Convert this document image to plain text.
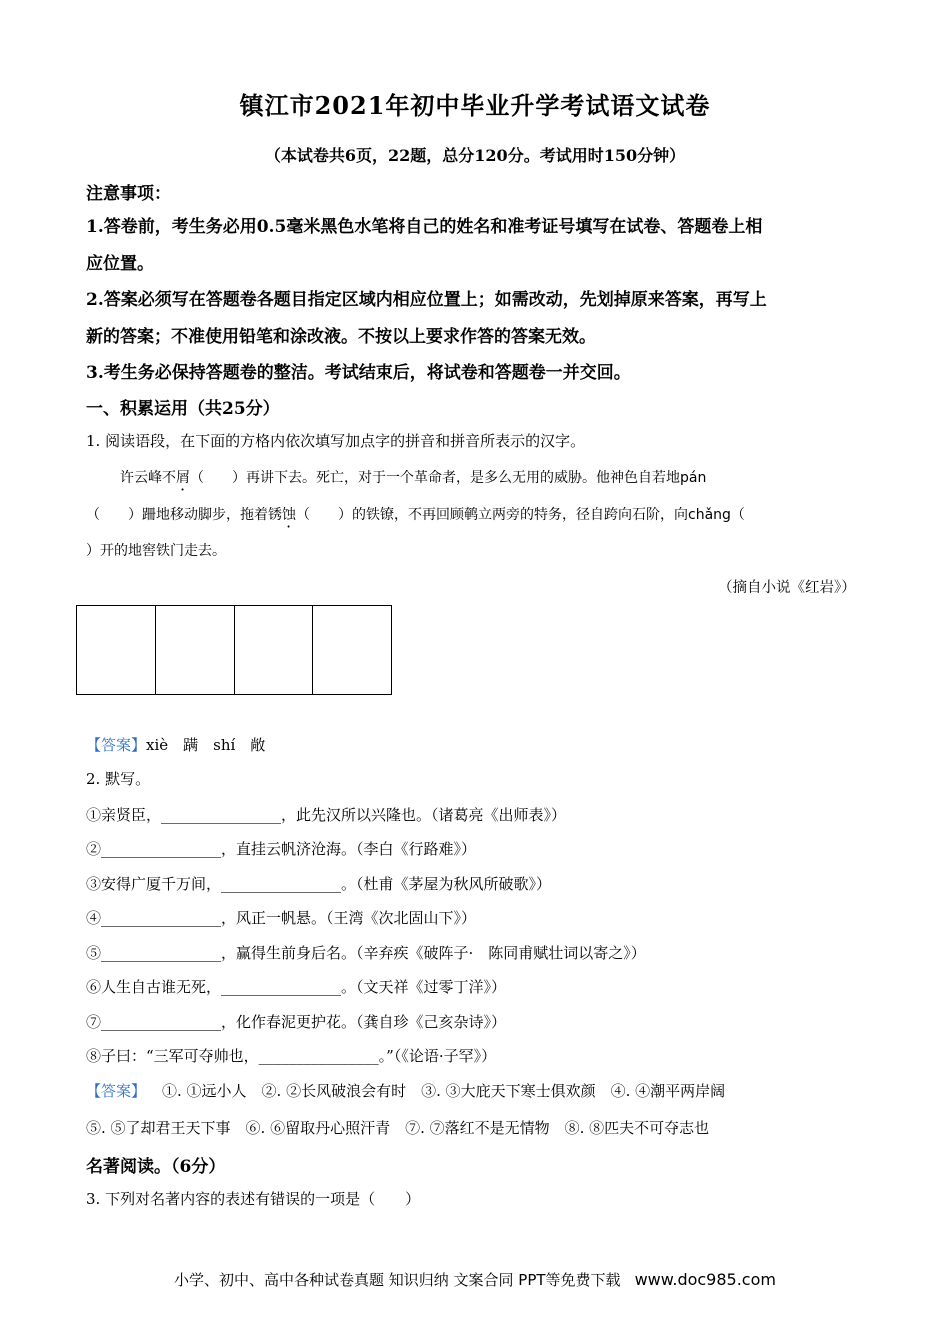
镇江市2021年初中毕业升学考试语文试卷
（本试卷共6页，22题，总分120分。考试用时150分钟）
注意事项：
1.答卷前，考生务必用0.5毫米黑色水笔将自己的姓名和准考证号填写在试卷、答题卷上相
应位置。
2.答案必须写在答题卷各题目指定区域内相应位置上；如需改动，先划掉原来答案，再写上
新的答案；不准使用铅笔和涂改液。不按以上要求作答的答案无效。
3.考生务必保持答题卷的整洁。考试结束后，将试卷和答题卷一并交回。
一、积累运用（共25分）
1. 阅读语段，在下面的方格内依次填写加点字的拼音和拼音所表示的汉字。
许云峰不屑（　　）再讲下去。死亡，对于一个革命者，是多么无用的威胁。他神色自若地pán
（　　）跚地移动脚步，拖着锈蚀（　　）的铁镣，不再回顾鹌立两旁的特务，径自跨向石阶，向chǎng（
）开的地窖铁门走去。
（摘自小说《红岩》）
【答案】xiè　蹒　shí　敞
2. 默写。
①亲贤臣，________________，此先汉所以兴隆也。（诸葛亮《出师表》）
②________________，直挂云帆济沧海。（李白《行路难》）
③安得广厦千万间，________________。（杜甫《茅屋为秋风所破歌》）
④________________，风正一帆悬。（王湾《次北固山下》）
⑤________________，赢得生前身后名。（辛弃疾《破阵子·　陈同甫赋壮词以寄之》）
⑥人生自古谁无死，________________。（文天祥《过零丁洋》）
⑦________________，化作春泥更护花。（龚自珍《己亥杂诗》）
⑧子曰：“三军可夺帅也，________________。”（《论语·子罕》）
【答案】 ①. ①远小人　②. ②长风破浪会有时　③. ③大庇天下寒士俱欢颜　④. ④潮平两岸阔
⑤. ⑤了却君王天下事　⑥. ⑥留取丹心照汗青　⑦. ⑦落红不是无情物　⑧. ⑧匹夫不可夺志也
名著阅读。（6分）
3. 下列对名著内容的表述有错误的一项是（　　）
小学、初中、高中各种试卷真题 知识归纳 文案合同 PPT等免费下载 www.doc985.com
